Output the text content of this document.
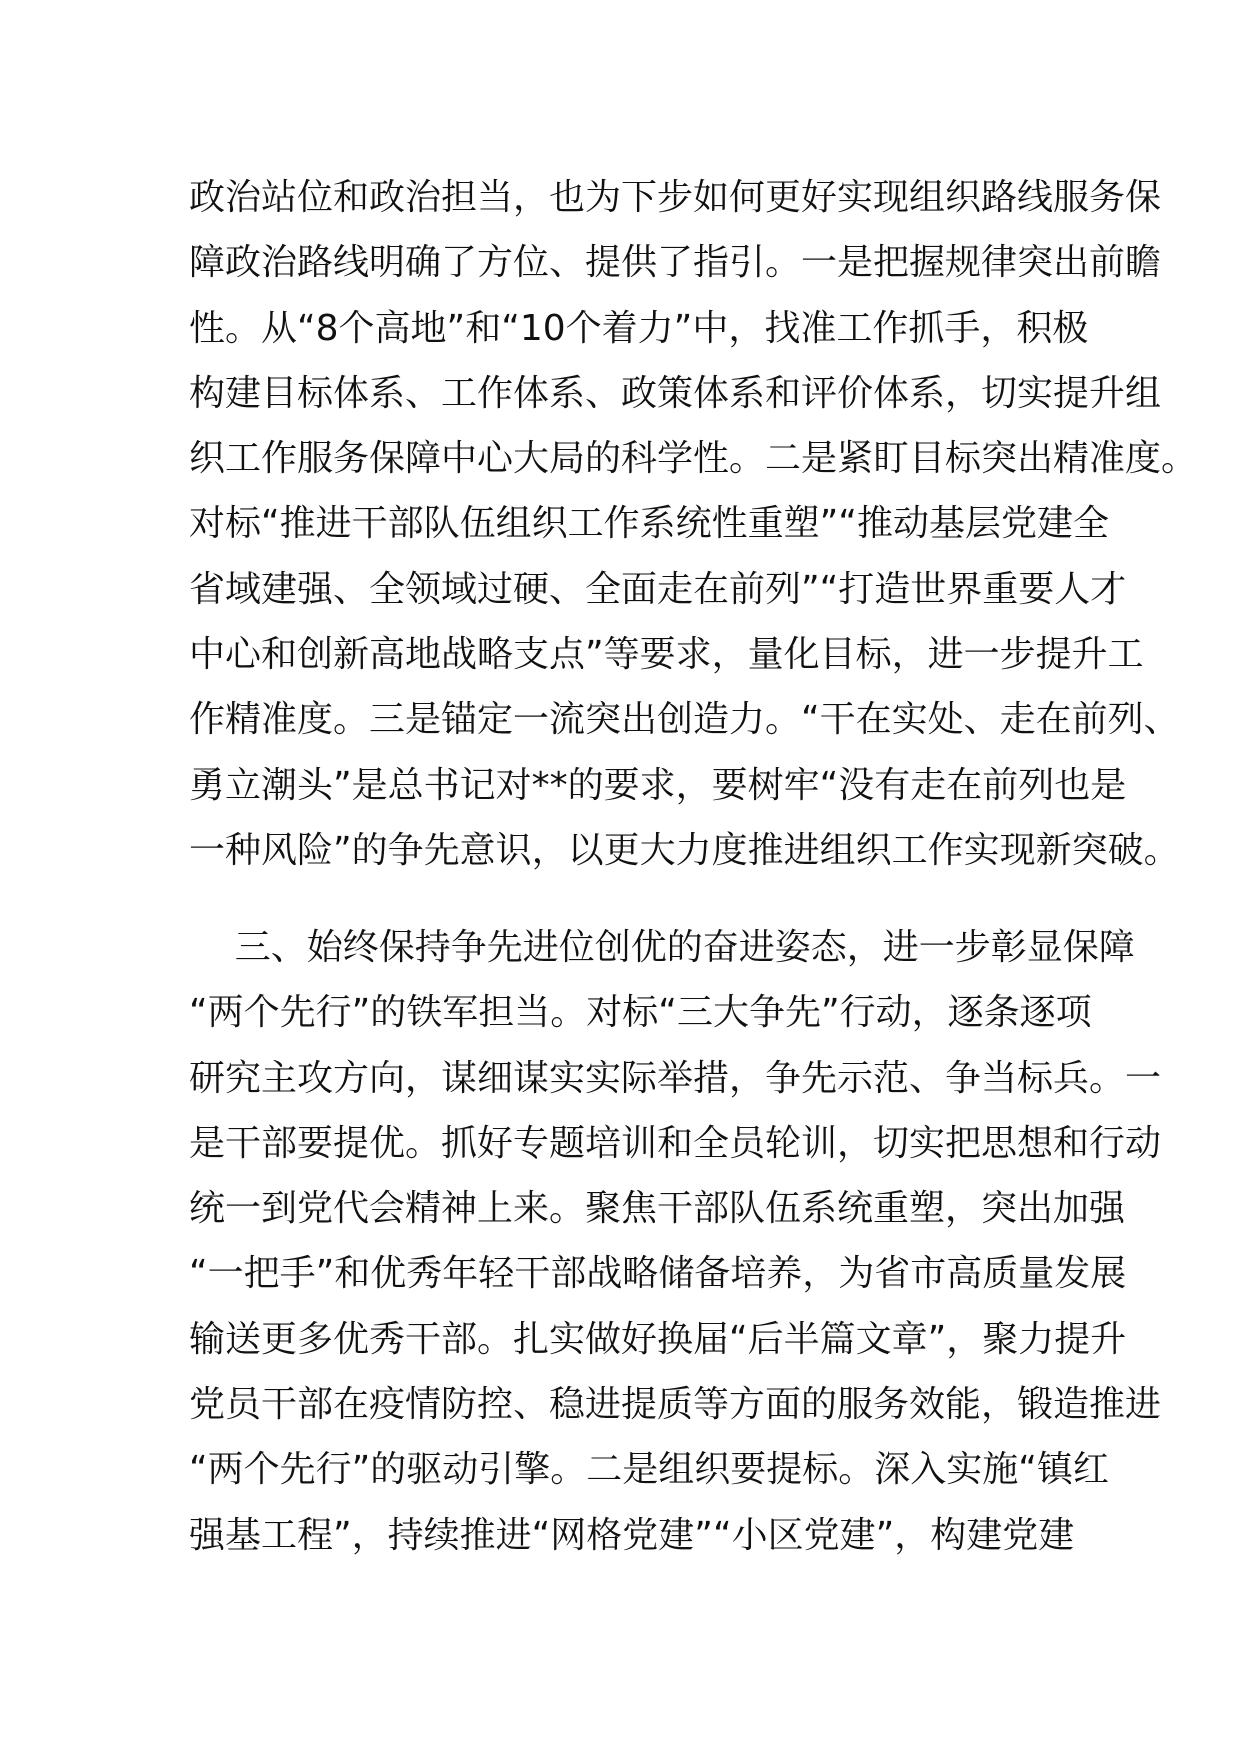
政治站位和政治担当，也为下步如何更好实现组织路线服务保
障政治路线明确了方位、提供了指引。一是把握规律突出前瞻
性。从“8个高地”和“10个着力”中，找准工作抓手，积极
构建目标体系、工作体系、政策体系和评价体系，切实提升组
织工作服务保障中心大局的科学性。二是紧盯目标突出精准度。
对标“推进干部队伍组织工作系统性重塑”“推动基层党建全
省域建强、全领域过硬、全面走在前列”“打造世界重要人才
中心和创新高地战略支点”等要求，量化目标，进一步提升工
作精准度。三是锚定一流突出创造力。“干在实处、走在前列、
勇立潮头”是总书记对**的要求，要树牢“没有走在前列也是
一种风险”的争先意识，以更大力度推进组织工作实现新突破。
三、始终保持争先进位创优的奋进姿态，进一步彰显保障
“两个先行”的铁军担当。对标“三大争先”行动，逐条逐项
研究主攻方向，谋细谋实实际举措，争先示范、争当标兵。一
是干部要提优。抓好专题培训和全员轮训，切实把思想和行动
统一到党代会精神上来。聚焦干部队伍系统重塑，突出加强
“一把手”和优秀年轻干部战略储备培养，为省市高质量发展
输送更多优秀干部。扎实做好换届“后半篇文章”，聚力提升
党员干部在疫情防控、稳进提质等方面的服务效能，锻造推进
“两个先行”的驱动引擎。二是组织要提标。深入实施“镇红
强基工程”，持续推进“网格党建”“小区党建”，构建党建
